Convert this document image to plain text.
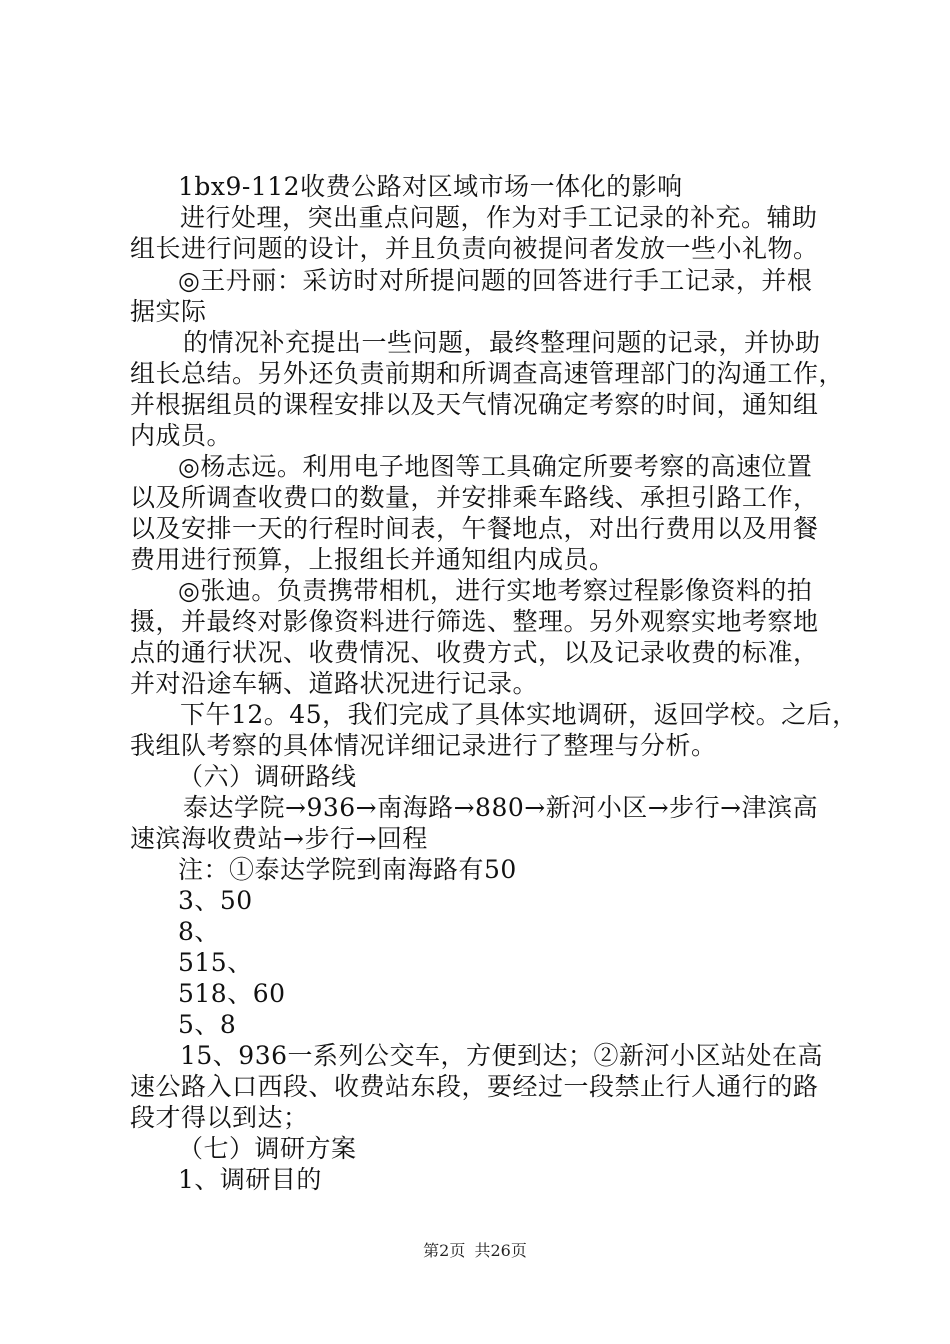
1bx9-112收费公路对区域市场一体化的影响
进行处理，突出重点问题，作为对手工记录的补充。辅助
组长进行问题的设计，并且负责向被提问者发放一些小礼物。
◎王丹丽：采访时对所提问题的回答进行手工记录，并根
据实际
的情况补充提出一些问题，最终整理问题的记录，并协助
组长总结。另外还负责前期和所调查高速管理部门的沟通工作，
并根据组员的课程安排以及天气情况确定考察的时间，通知组
内成员。
◎杨志远。利用电子地图等工具确定所要考察的高速位置
以及所调查收费口的数量，并安排乘车路线、承担引路工作，
以及安排一天的行程时间表，午餐地点，对出行费用以及用餐
费用进行预算，上报组长并通知组内成员。
◎张迪。负责携带相机，进行实地考察过程影像资料的拍
摄，并最终对影像资料进行筛选、整理。另外观察实地考察地
点的通行状况、收费情况、收费方式，以及记录收费的标准，
并对沿途车辆、道路状况进行记录。
下午12。45，我们完成了具体实地调研，返回学校。之后，
我组队考察的具体情况详细记录进行了整理与分析。
（六）调研路线
泰达学院→936→南海路→880→新河小区→步行→津滨高
速滨海收费站→步行→回程
注：①泰达学院到南海路有50
3、50
8、
515、
518、60
5、8
15、936一系列公交车，方便到达；②新河小区站处在高
速公路入口西段、收费站东段，要经过一段禁止行人通行的路
段才得以到达；
（七）调研方案
1、调研目的
第2页 共26页
